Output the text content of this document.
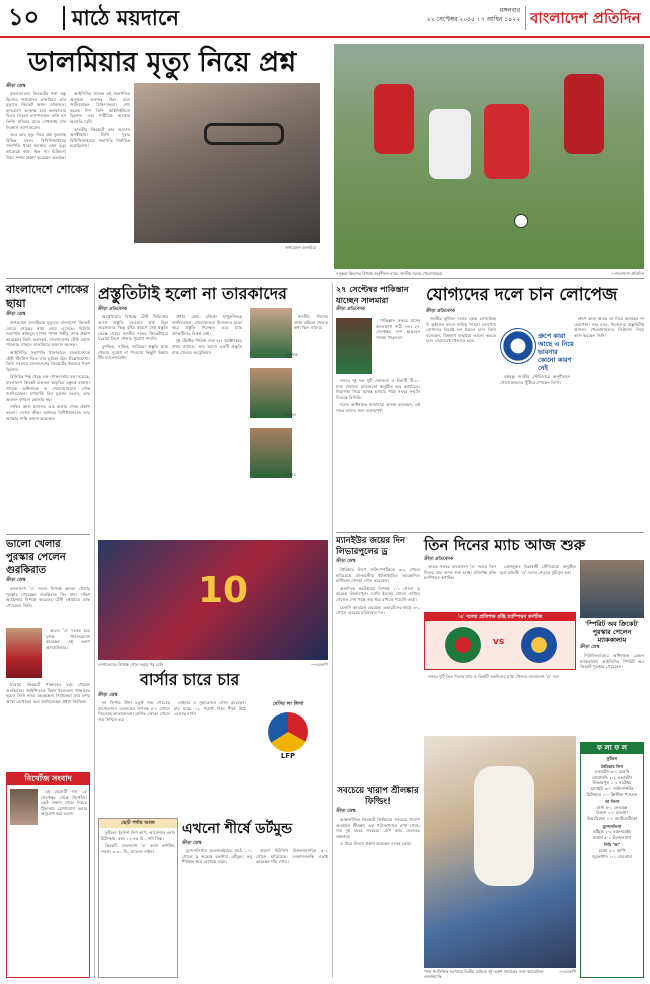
১০ মাঠে ময়দানে	মঙ্গলবার
২২ সেপ্টেম্বর ২০১৫ । ৭ আশ্বিন ১৪২২ বাংলাদেশ প্রতিদিন
ডালমিয়ার মৃত্যু নিয়ে প্রশ্ন
ক্রীড়া ডেস্ক

বাংলাদেশের ক্রিকেটের শক্ত বন্ধু হিসেবে জগমোহন ডালমিয়া। তার মৃত্যুতে ক্রিকেট অঙ্গন শোকাহত। হৃদরোগে আক্রান্ত হয়ে কলকাতার বিএম বিড়লা হাসপাতালে ভর্তি হন তিনি। রবিবার রাতে সেখানেই শেষ নিঃশ্বাস ত্যাগ করেন।

তবে তার মৃত্যু নিয়ে প্রশ্ন তুলেছে বিভিন্ন মহল। বিসিসিআইয়ের সভাপতি থাকা অবস্থায় এমন মৃত্যু কারোরই কাম্য ছিল না। চিকিৎসা নিয়ে সংশয় প্রকাশ করেছেন অনেকে।

আইসিসির সাবেক এই সভাপতির অসুস্থতা গুরুতর ছিল বলে জানিয়েছেন চিকিৎসকরা। শেষ কয়েক দিন তিনি আইসিইউতে ছিলেন। তার শারীরিক অবস্থার অবনতি ঘটে।

ভারতীয় ক্রিকেটে তার অবদান অনস্বীকার্য। তিনি দুবার বিসিসিআইয়ের সভাপতি নির্বাচিত হয়েছিলেন।

জগমোহন ডালমিয়া
বসুন্ধরা কিংসের বিপক্ষে অনুশীলন ম্যাচে জাতীয় দলের খেলোয়াড়রা	—বাংলাদেশ প্রতিদিন
বাংলাদেশে শোকের ছায়া
ক্রীড়া ডেস্ক

জগমোহন ডালমিয়ার মৃত্যুতে বাংলাদেশ ক্রিকেট বোর্ডে শোকের ছায়া নেমে এসেছে। বিসিবি সভাপতি নাজমুল হাসান পাপন গভীর শোক প্রকাশ করেছেন। তিনি বলেছেন, বাংলাদেশের টেস্ট মর্যাদা পাওয়ার পেছনে ডালমিয়ার অবদান অনেক।

আইসিসির সভাপতি থাকাকালে বাংলাদেশকে টেস্ট স্ট্যাটাস দিতে তার ভূমিকা ছিল উল্লেখযোগ্য। তিনি সবসময় বাংলাদেশের ক্রিকেটের উন্নয়নে পাশে ছিলেন।

বিসিবির পক্ষ থেকে এক শোকবার্তায় বলা হয়েছে, বাংলাদেশ ক্রিকেট একজন অকৃত্রিম বন্ধুকে হারাল। সাবেক অধিনায়ক ও খেলোয়াড়রাও শোক জানিয়েছেন। মাশরাফি বিন মুর্তজা বলেন, তার অবদান কখনো ভোলার নয়।

সাকিব আল হাসানও এক বার্তায় শোক প্রকাশ করেন। দেশের ক্রীড়া অঙ্গনের বিশিষ্টজনরাও তার আত্মার শান্তি কামনা করেছেন।

ভালো খেলার পুরস্কার পেলেন গুরকিরাত
ক্রীড়া ডেস্ক

বাংলাদেশ 'এ' দলের বিপক্ষে ভালো খেলার পুরস্কার পেয়েছেন গুরকিরাত সিং মান। দক্ষিণ আফ্রিকার বিপক্ষে ভারতের টেস্ট স্কোয়াডে ডাক পেয়েছেন তিনি।

ভারত 'এ' দলের হয়ে দুর্দান্ত পারফরম্যান্স করেছেন এই তরুণ অলরাউন্ডার।

ঘরোয়া ক্রিকেটে পাঞ্জাবের হয়ে খেলেন গুরকিরাত। আইপিএলে কিংস ইলেভেন পাঞ্জাবের হয়েও তিনি নজর কেড়েছেন। নির্বাচকরা তার ওপর আস্থা রেখেছেন বলে জানিয়েছেন প্রধান নির্বাচক।

নিখোঁজ সংবাদ

এই ছেলেটি গত ১৫ সেপ্টেম্বর থেকে নিখোঁজ। কেউ সন্ধান পেলে নিচের ঠিকানায় যোগাযোগ করার অনুরোধ করা হলো।

প্রস্তুতিটাই হলো না তারকাদের
ক্রীড়া প্রতিবেদক

অস্ট্রেলিয়ার বিপক্ষে টেস্ট সিরিজের আগে প্রস্তুতি নেওয়ার কথা ছিল তারকাদের। কিন্তু বৃষ্টির কারণে সেই প্রস্তুতি ভেস্তে গেছে। জাতীয় দলের ক্রিকেটাররা ঘরোয়া লিগে খেলার সুযোগ পাননি।

মুশফিক, সাকিব, তামিমরা প্রস্তুতি ম্যাচ খেলার সুযোগ না পাওয়ায় কিছুটা চিন্তায় টিম ম্যানেজমেন্ট।

প্রধান কোচ চন্ডিকা হাথুরুসিংহে জানিয়েছেন, খেলোয়াড়রা নিজেদের মতো করে প্রস্তুতি নিচ্ছেন। তবে ম্যাচ প্র্যাকটিসের বিকল্প নেই।

দুই টেস্টের সিরিজ শুরু হবে অক্টোবরের প্রথম সপ্তাহে। তার আগে একটি প্রস্তুতি ম্যাচ খেলবে অস্ট্রেলিয়া।	মুশফিক
সাকিব
তামিম

জাতীয় লিগের প্রথম রাউন্ডে খেলার কথা ছিল তাদের।

10
লেগানেসের বিপক্ষে গোল করার পর মেসি	—এএফপি
বার্সার চারে চার
ক্রীড়া ডেস্ক

লা লিগায় টানা চতুর্থ জয় পেয়েছে বার্সেলোনা। লেভান্তের বিপক্ষে ৪-১ গোলে জিতেছে কাতালানরা। মেসির জোড়া গোলে জয় নিশ্চিত হয়।

নেইমার ও সুয়ারেজও গোল করেছেন। চার ম্যাচে ১২ পয়েন্ট নিয়ে শীর্ষে উঠে এসেছে বার্সা।

মেসির লা লিগা
LFP
ছোট পর্দায় আজ

ফুটবল: ইংলিশ লিগ কাপ, আর্সেনাল বনাম টটেনহাম, রাত ১২-৪৫ মি., সনি সিক্স।

ক্রিকেট: বাংলাদেশ 'এ' বনাম কর্ণাটক, সকাল ৯-৩০ মি., চ্যানেল নাইন।

এখনো শীর্ষে ডর্টমুন্ড
ক্রীড়া ডেস্ক

বুন্দেসলিগায় হফেনহেইমের মাঠে ১-১ গোলে ড্র করেছে বরুশিয়া ডর্টমুন্ড। তবু শীর্ষস্থান ধরে রেখেছে তারা।

বায়ার্ন মিউনিখ উলফসবার্গকে ৫-১ গোলে হারিয়েছে। লেভানডফস্কি একাই করেছেন পাঁচ গোল।

২৭ সেপ্টেম্বর পাকিস্তান যাচ্ছেন সালমারা
ক্রীড়া প্রতিবেদক

পাকিস্তান সফরে যাচ্ছে বাংলাদেশ নারী দল। ২৭ সেপ্টেম্বর দেশ ছাড়বেন সালমা খাতুনরা।

সফরে দুই দল দুটি ওয়ানডে ও তিনটি টি-২০ ম্যাচ খেলবে। ম্যাচগুলো অনুষ্ঠিত হবে করাচিতে। নিরাপত্তা নিয়ে আশ্বস্ত হওয়ার পরই সফরে সম্মতি দিয়েছে বিসিবি।

দলের অধিনায়ক জাহানারা আলম বলেছেন, এই সফর তাদের জন্য গুরুত্বপূর্ণ।

যোগ্যদের দলে চান লোপেজ
ক্রীড়া প্রতিবেদক

জাতীয় ফুটবল দলের কোচ লোডভিক দি ক্রুইফের বদলে দায়িত্ব পাওয়া লোপেজ যোগ্যদের নিয়েই দল গড়তে চান। তিনি বলেছেন, বিশ্বকাপ বাছাইয়ে ভালো করতে হলে সেরাদেরই খেলাতে হবে।

গ্রুপে কারা আছে এ নিয়ে ভাবনার কোনো কারণ নেই

বঙ্গবন্ধু জাতীয় স্টেডিয়ামে অনুশীলনে খেলোয়াড়দের খুঁটিয়ে দেখছেন তিনি।

গ্রুপে কারা আছে তা নিয়ে ভাবছেন না লোপেজ। তার মতে, নিজেদের প্রস্তুতিটাই আসল। খেলোয়াড়দের ফিটনেস নিয়ে কাজ করছেন তিনি।

ম্যানইউর জয়ের দিন লিভারপুলের ড্র
ক্রীড়া ডেস্ক

প্রিমিয়ার লিগে সাউদাম্পটনকে ৩-২ গোলে হারিয়েছে ম্যানচেস্টার ইউনাইটেড। আন্তোনিও মার্শিয়াল জোড়া গোল করেছেন।

অন্যদিকে নরউইচের বিপক্ষে ১-১ গোলে ড্র করেছে লিভারপুল। ড্যানি ইংসের গোলে এগিয়ে গেলেও শেষ পর্যন্ত জয় ধরে রাখতে পারেনি তারা।

চেলসি আবারও হেরেছে। এভারটনের কাছে ৩-১ গোলে হেরেছে মরিনহোর দল।

সবচেয়ে খারাপ শ্রীলঙ্কার ফিল্ডিং!
ক্রীড়া ডেস্ক

আন্তর্জাতিক ক্রিকেটে ফিল্ডিংয়ে সবচেয়ে খারাপ অবস্থানে শ্রীলঙ্কা। এক পরিসংখ্যানে দেখা গেছে, গত দুই বছরে সবচেয়ে বেশি ক্যাচ ফেলেছে লঙ্কানরা।

এ নিয়ে উদ্বেগ প্রকাশ করেছেন দলের কোচ।

তিন দিনের ম্যাচ আজ শুরু
ক্রীড়া প্রতিবেদক

ভারত সফরে বাংলাদেশ 'এ' দলের তিন দিনের ম্যাচ আজ শুরু হচ্ছে। প্রতিপক্ষ রঞ্জি চ্যাম্পিয়ন কর্ণাটক।

বেঙ্গালুরুর চিন্নাস্বামী স্টেডিয়ামে অনুষ্ঠিত হবে ম্যাচটি। 'এ' দলের নেতৃত্বে মুমিনুল হক।

'এ' দলের প্রতিপক্ষ রঞ্জি চ্যাম্পিয়ন কর্ণাটক
vs

সফরে দুটি তিন দিনের ম্যাচ ও তিনটি একদিনের ম্যাচ খেলবে বাংলাদেশ 'এ' দল।

'স্পিরিট অব ক্রিকেট' পুরস্কার পেলেন ম্যাককালাম
ক্রীড়া ডেস্ক

নিউজিল্যান্ডের অধিনায়ক ব্রেন্ডন ম্যাককালাম আইসিসির স্পিরিট অব ক্রিকেট পুরস্কার পেয়েছেন।

প্যান প্যাসিফিক ওপেনের দ্বিতীয় রাউন্ডে দুই তরুণ সমর্থকের সঙ্গে ক্যারোলিন ওজনিয়াকি
—এএফপি
ফ লা ফ ল
ফুটবল
প্রিমিয়ার লিগ
এভারটন ৩-১ চেলসি
সোয়ানসি ২-২ এভারটন
লিভারপুল ১-১ নরউইচ
ম্যানইউ ৩-০ সাউদাম্পটন
টটেনহাম ১-০ ক্রিস্টাল প্যালেস
লা লিগা
বার্সা ৪-১ লেভান্তে
রিয়াল ০-০ মালাগা
ভিয়ারিয়াল ১-০ অ্যাটলেটিকো
বুন্দেসলিগা
ডর্টমুন্ড ২-২ হফেনহেইম
বায়ার্ন ৫-১ উলফসবার্গ
সিরি 'আ'
রোমা ২-১ কার্পি
জুভেন্টাস ১-১ জেনোয়া
